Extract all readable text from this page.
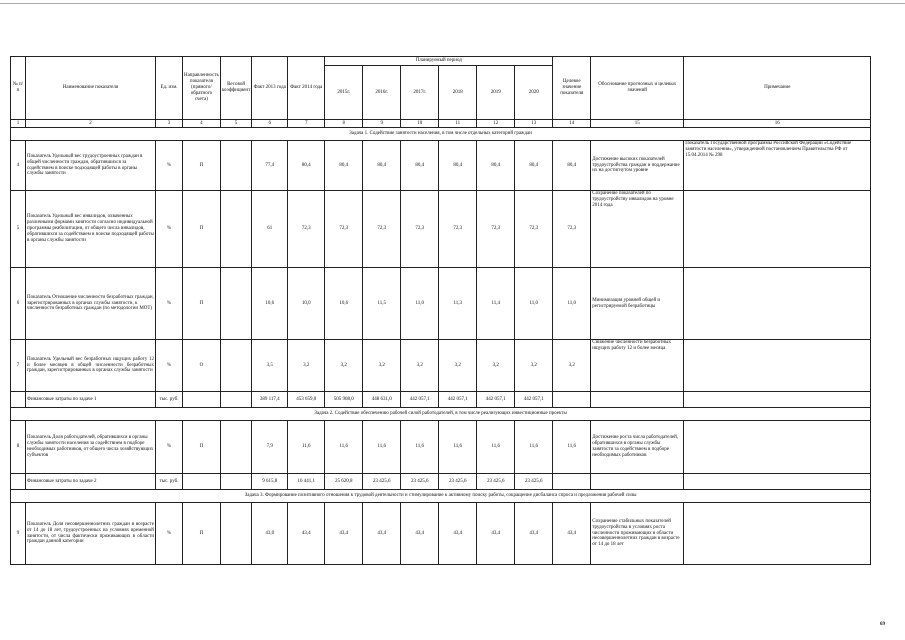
№ п/п	Наименование показателя	Ед. изм.	Направленность показателя (прямого/обратного счета)	Весовой коэффициент	Факт 2013 года	Факт 2014 года	Планируемый период						Целевое значение показателя	Обоснование прогнозных и целевых значений	Примечание
							2015г.	2016г.	2017г.	2018	2019	2020			
1	2	3	4	5	6	7	8	9	10	11	12	13	14	15	16
Задача 1. Содействие занятости населения, в том числе отдельных категорий граждан															
4	Показатель Удельный вес трудоустроенных граждан в общей численности граждан, обратившихся за содействием в поиске подходящей работы в органы службы занятости	%	П		77,4	80,4	80,4	80,4	80,4	80,4	80,4	80,4	80,4	Достижение высоких показателей трудоустройства граждан и поддержание их на достигнутом уровне	Показатель Государственной программы Российской Федерации «Содействие занятости населения», утвержденной постановлением Правительства РФ от 15.04.2014 № 298
5	Показатель Удельный вес инвалидов, охваченных различными формами занятости согласно индивидуальной программы реабилитации, от общего числа инвалидов, обратившихся за содействием в поиске подходящей работы в органы службы занятости	%	П		61	72,3	72,3	72,3	72,3	72,3	72,3	72,3	72,3	Сохранение показателей по трудоустройству инвалидов на уровне 2014 года	
6	Показатель Отношение численности безработных граждан, зарегистрированных в органах службы занятости, к численности безработных граждан (по методологии МОТ)	%	П		10,6	10,0	10,6	11,5	11,0	11,3	11,4	11,0	11,0	Минимизация уровней общей и регистрируемой безработицы	
7	Показатель Удельный вес безработных ищущих работу 12 и более месяцев в общей численности безработных граждан, зарегистрированных в органах службы занятости	%	О		3,5	3,2	3,2	3,2	3,2	3,2	3,2	3,2	3,2	Снижение численности безработных ищущих работу 12 и более месяца	
	Финансовые затраты по задаче 1	тыс. руб.			389 117,4	453 659,0	505 908,0	448 631,0	442 057,1	442 057,1	442 057,1	442 057,1			
Задача 2. Содействие обеспечению рабочей силой работодателей, в том числе реализующих инвестиционные проекты															
8	Показатель Доля работодателей, обратившихся в органы службы занятости населения за содействием в подборе необходимых работников, от общего числа хозяйствующих субъектов	%	П		7,9	11,6	11,6	11,6	11,6	11,6	11,6	11,6	11,6	Достижение роста числа работодателей, обратившихся в органы службы занятости за содействием в подборе необходимых работников	
	Финансовые затраты по задаче 2	тыс. руб.			9 615,8	16 441,1	25 620,8	23 425,6	23 425,6	23 425,6	23 425,6	23 425,6			
Задача 3. Формирование позитивного отношения к трудовой деятельности и стимулирование к активному поиску работы, сокращение дисбаланса спроса и предложения рабочей силы															
9	Показатель Доля несовершеннолетних граждан в возрасте от 14 до 18 лет, трудоустроенных на условиях временной занятости, от числа фактически проживающих в области граждан данной категории	%	П		43,0	43,4	43,4	43,4	43,4	43,4	43,4	43,4	43,4	Сохранение стабильных показателей трудоустройства в условиях роста численности проживающих в области несовершеннолетних граждан в возрасте от 14 до 18 лет	
69
